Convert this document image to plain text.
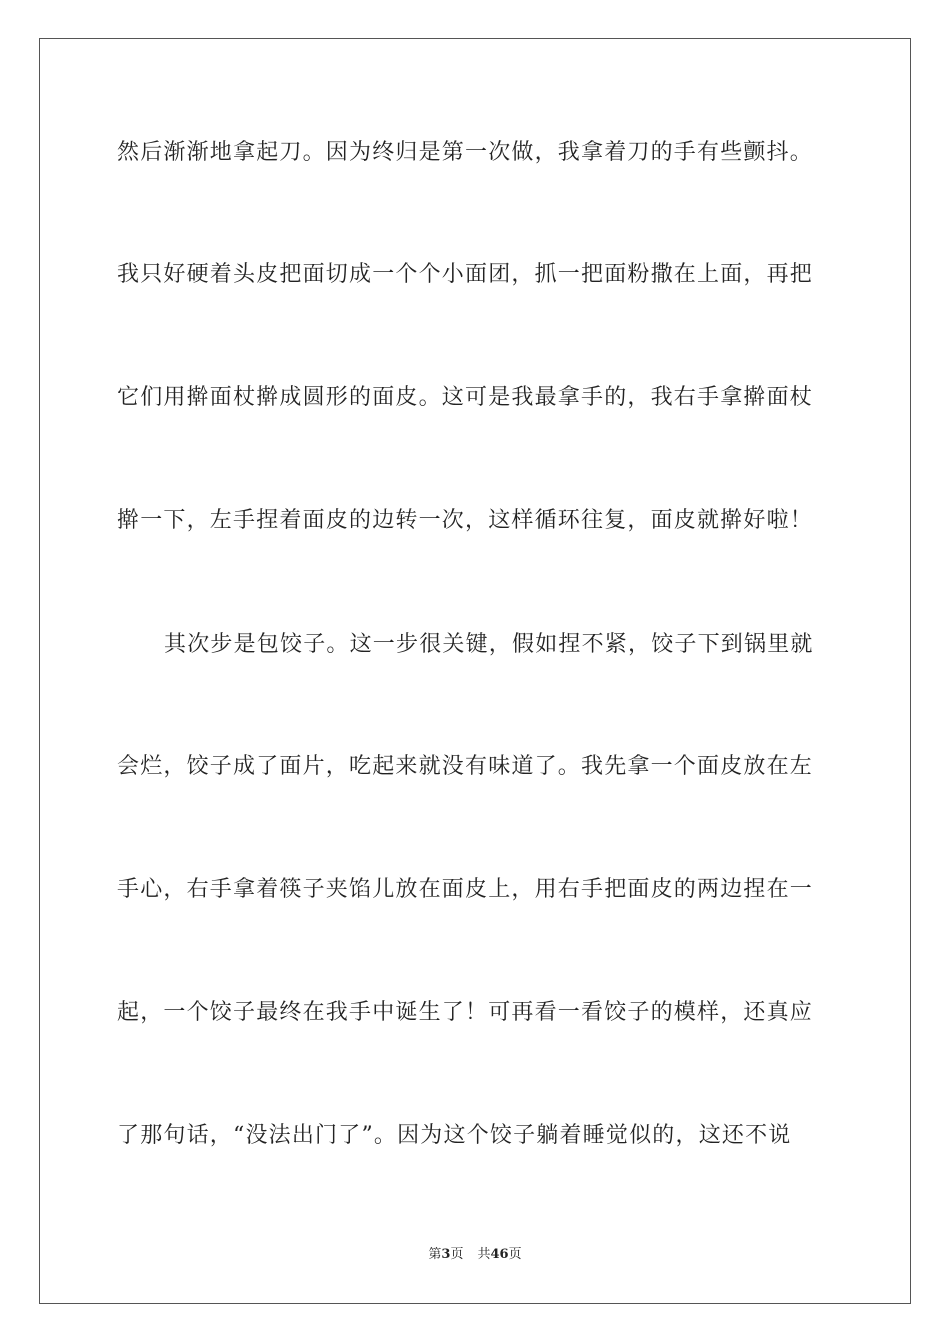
然后渐渐地拿起刀。因为终归是第一次做，我拿着刀的手有些颤抖。
我只好硬着头皮把面切成一个个小面团，抓一把面粉撒在上面，再把
它们用擀面杖擀成圆形的面皮。这可是我最拿手的，我右手拿擀面杖
擀一下，左手捏着面皮的边转一次，这样循环往复，面皮就擀好啦！
其次步是包饺子。这一步很关键，假如捏不紧，饺子下到锅里就
会烂，饺子成了面片，吃起来就没有味道了。我先拿一个面皮放在左
手心，右手拿着筷子夹馅儿放在面皮上，用右手把面皮的两边捏在一
起，一个饺子最终在我手中诞生了！可再看一看饺子的模样，还真应
了那句话，“没法出门了”。因为这个饺子躺着睡觉似的，这还不说
第3页 共46页
